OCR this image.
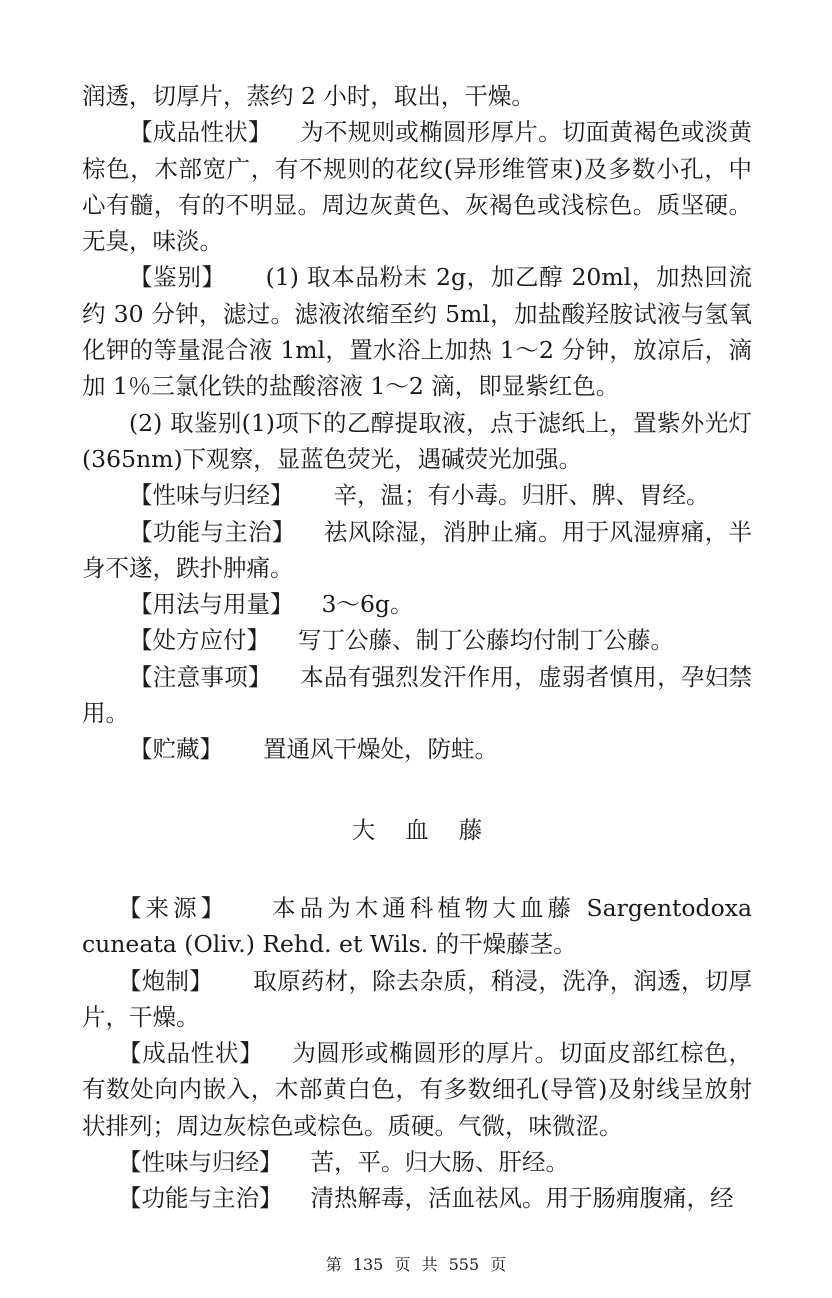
润透，切厚片，蒸约 2 小时，取出，干燥。

【成品性状】 为不规则或椭圆形厚片。切面黄褐色或淡黄棕色，木部宽广，有不规则的花纹(异形维管束)及多数小孔，中心有髓，有的不明显。周边灰黄色、灰褐色或浅棕色。质坚硬。无臭，味淡。

【鉴别】 (1) 取本品粉末 2g，加乙醇 20ml，加热回流约 30 分钟，滤过。滤液浓缩至约 5ml，加盐酸羟胺试液与氢氧化钾的等量混合液 1ml，置水浴上加热 1～2 分钟，放凉后，滴加 1％三氯化铁的盐酸溶液 1～2 滴，即显紫红色。

(2) 取鉴别(1)项下的乙醇提取液，点于滤纸上，置紫外光灯(365nm)下观察，显蓝色荧光，遇碱荧光加强。

【性味与归经】 辛，温；有小毒。归肝、脾、胃经。

【功能与主治】 祛风除湿，消肿止痛。用于风湿痹痛，半身不遂，跌扑肿痛。

【用法与用量】 3～6g。

【处方应付】 写丁公藤、制丁公藤均付制丁公藤。

【注意事项】 本品有强烈发汗作用，虚弱者慎用，孕妇禁用。

【贮藏】 置通风干燥处，防蛀。

大血藤

【来源】 本品为木通科植物大血藤 Sargentodoxa cuneata (Oliv.) Rehd. et Wils. 的干燥藤茎。

【炮制】 取原药材，除去杂质，稍浸，洗净，润透，切厚片，干燥。

【成品性状】 为圆形或椭圆形的厚片。切面皮部红棕色，有数处向内嵌入，木部黄白色，有多数细孔(导管)及射线呈放射状排列；周边灰棕色或棕色。质硬。气微，味微涩。

【性味与归经】 苦，平。归大肠、肝经。

【功能与主治】 清热解毒，活血祛风。用于肠痈腹痛，经

第 135 页 共 555 页
